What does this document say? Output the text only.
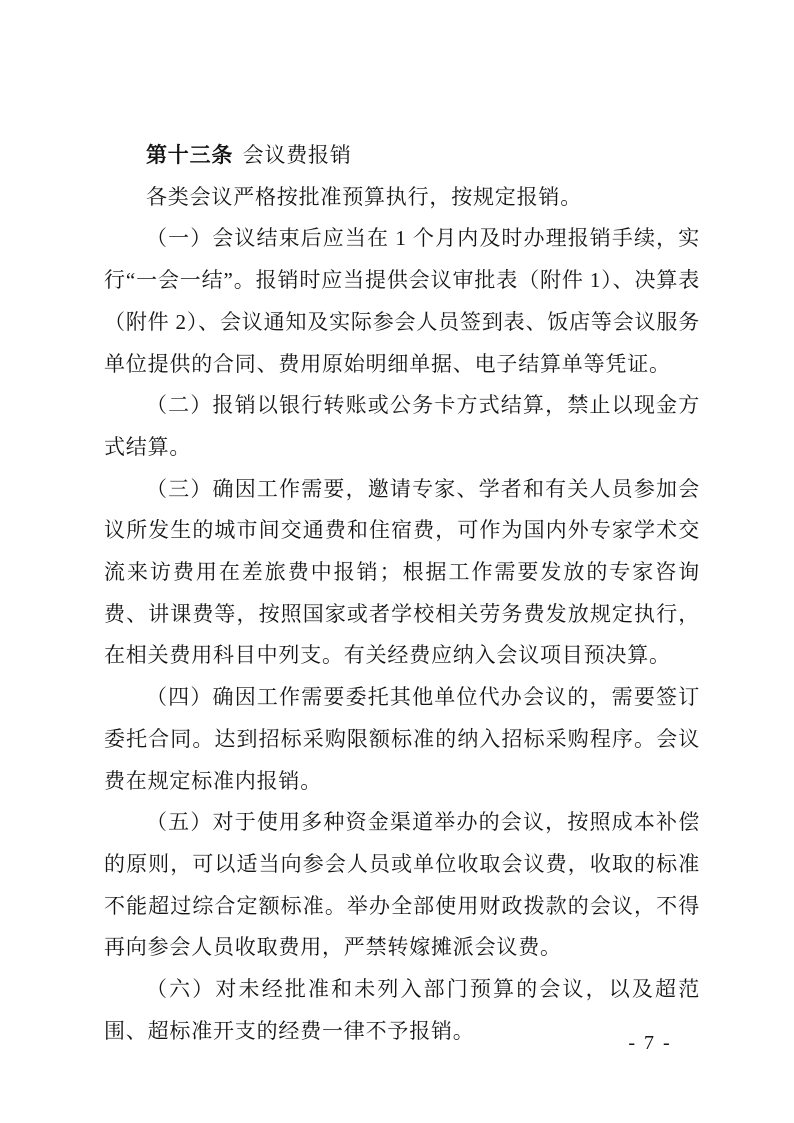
第十三条 会议费报销

各类会议严格按批准预算执行，按规定报销。

（一）会议结束后应当在 1 个月内及时办理报销手续，实行“一会一结”。报销时应当提供会议审批表（附件 1）、决算表（附件 2）、会议通知及实际参会人员签到表、饭店等会议服务单位提供的合同、费用原始明细单据、电子结算单等凭证。

（二）报销以银行转账或公务卡方式结算，禁止以现金方式结算。

（三）确因工作需要，邀请专家、学者和有关人员参加会议所发生的城市间交通费和住宿费，可作为国内外专家学术交流来访费用在差旅费中报销；根据工作需要发放的专家咨询费、讲课费等，按照国家或者学校相关劳务费发放规定执行，在相关费用科目中列支。有关经费应纳入会议项目预决算。

（四）确因工作需要委托其他单位代办会议的，需要签订委托合同。达到招标采购限额标准的纳入招标采购程序。会议费在规定标准内报销。

（五）对于使用多种资金渠道举办的会议，按照成本补偿的原则，可以适当向参会人员或单位收取会议费，收取的标准不能超过综合定额标准。举办全部使用财政拨款的会议，不得再向参会人员收取费用，严禁转嫁摊派会议费。

（六）对未经批准和未列入部门预算的会议，以及超范围、超标准开支的经费一律不予报销。

- 7 -
